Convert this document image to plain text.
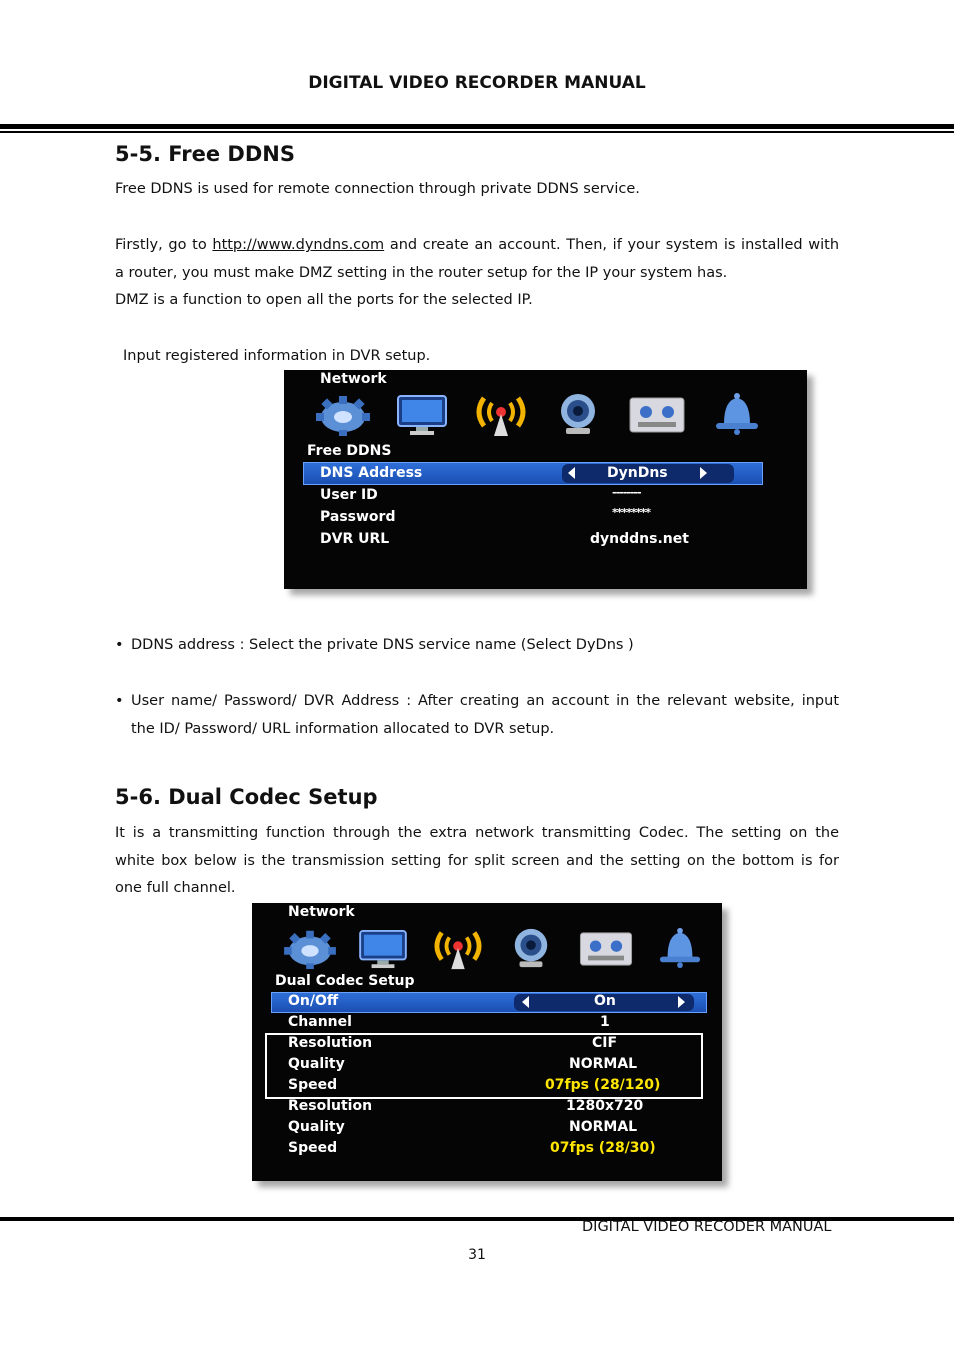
DIGITAL VIDEO RECORDER MANUAL
5-5. Free DDNS
Free DDNS is used for remote connection through private DDNS service.

Firstly, go to http://www.dyndns.com and create an account. Then, if your system is installed with

a router, you must make DMZ setting in the router setup for the IP your system has.

DMZ is a function to open all the ports for the selected IP.

Input registered information in DVR setup.
Network
Free DDNS
DNS Address	DynDns
User ID	--------
Password	********
DVR URL	dynddns.net
• DDNS address : Select the private DNS service name (Select DyDns )
• User name/ Password/ DVR Address : After creating an account in the relevant website, input
the ID/ Password/ URL information allocated to DVR setup.
5-6. Dual Codec Setup

It is a transmitting function through the extra network transmitting Codec. The setting on the

white box below is the transmission setting for split screen and the setting on the bottom is for

one full channel.

Network
Dual Codec Setup
On/Off	On
Channel	1
Resolution	CIF
Quality	NORMAL
Speed	07fps (28/120)
Resolution	1280x720
Quality	NORMAL
Speed	07fps (28/30)
DIGITAL VIDEO RECODER MANUAL
31
